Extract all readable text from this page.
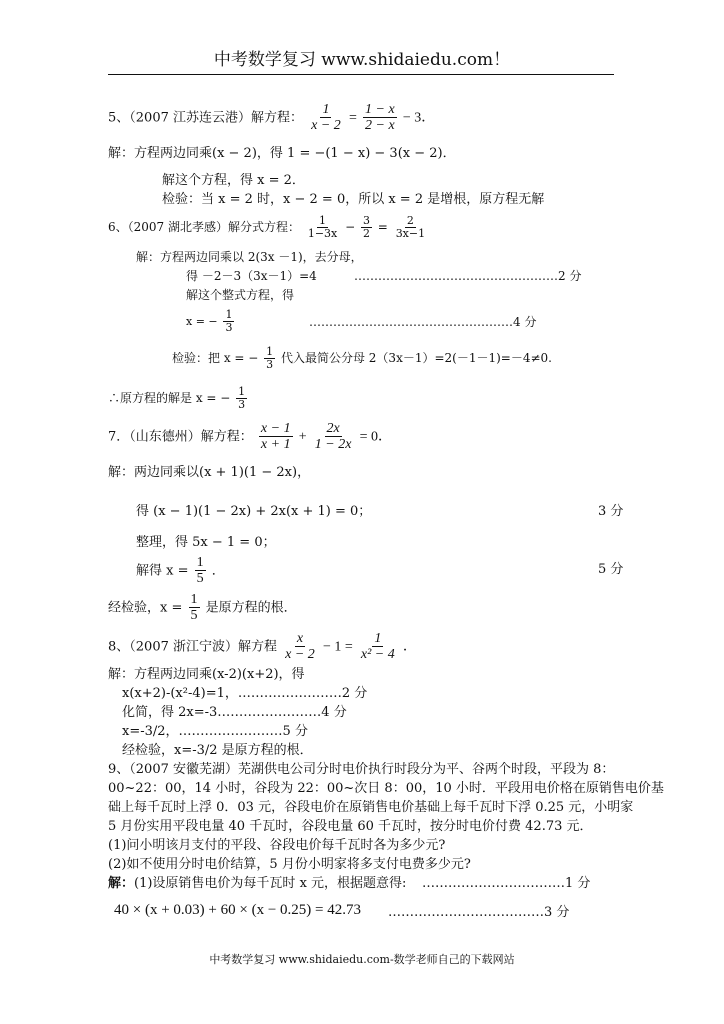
中考数学复习 www.shidaiedu.com！
5、（2007 江苏连云港）解方程： $\frac{1}{x - 2} = \frac{1 - x}{2 - x} - 3$．
解：方程两边同乘(x − 2)，得 1 = −(1 − x) − 3(x − 2)．
解这个方程，得 x = 2．
检验：当 x = 2 时，x − 2 = 0，所以 x = 2 是增根，原方程无解
6、（2007 湖北孝感）解分式方程： $\frac{1}{1-3x} - \frac{3}{2} = \frac{2}{3x-1}$
解：方程两边同乘以 2(3x －1)，去分母，
得 －2－3（3x－1）=4	……………………………………………2 分
解这个整式方程，得
x = − $\frac{1}{3}$	……………………………………………4 分
检验：把 x = − $\frac{1}{3}$ 代入最简公分母 2（3x－1）=2(－1－1)=－4≠0.
∴原方程的解是 x = − $\frac{1}{3}$
7．（山东德州）解方程： $\frac{x - 1}{x + 1} + \frac{2x}{1 - 2x} = 0$．
解：两边同乘以(x + 1)(1 − 2x)，
得 (x − 1)(1 − 2x) + 2x(x + 1) = 0；	3 分
整理，得 5x − 1 = 0；
解得 $x = \frac{1}{5}$ ．	5 分
经检验，$x = \frac{1}{5}$ 是原方程的根．
8、（2007 浙江宁波）解方程 $\frac{x}{x - 2} - 1 = \frac{1}{\text{x² − 4}}$ ．
解：方程两边同乘(x-2)(x+2)，得
x(x+2)-(x²-4)=1，……………………2 分
化简，得 2x=-3……………………4 分
x=-3/2，……………………5 分
经检验，x=-3/2 是原方程的根．
9、（2007 安徽芜湖）芜湖供电公司分时电价执行时段分为平、谷两个时段，平段为 8：
00~22：00，14 小时，谷段为 22：00~次日 8：00，10 小时．平段用电价格在原销售电价基
础上每千瓦时上浮 0．03 元，谷段电价在原销售电价基础上每千瓦时下浮 0.25 元，小明家
5 月份实用平段电量 40 千瓦时，谷段电量 60 千瓦时，按分时电价付费 42.73 元．
(1)问小明该月支付的平段、谷段电价每千瓦时各为多少元?
(2)如不使用分时电价结算，5 月份小明家将多支付电费多少元?
解：(1)设原销售电价为每千瓦时 x 元，根据题意得: ……………………………1 分
40 × (x + 0.03) + 60 × (x − 0.25) = 42.73 ………………………………3 分
中考数学复习 www.shidaiedu.com-数学老师自己的下载网站
